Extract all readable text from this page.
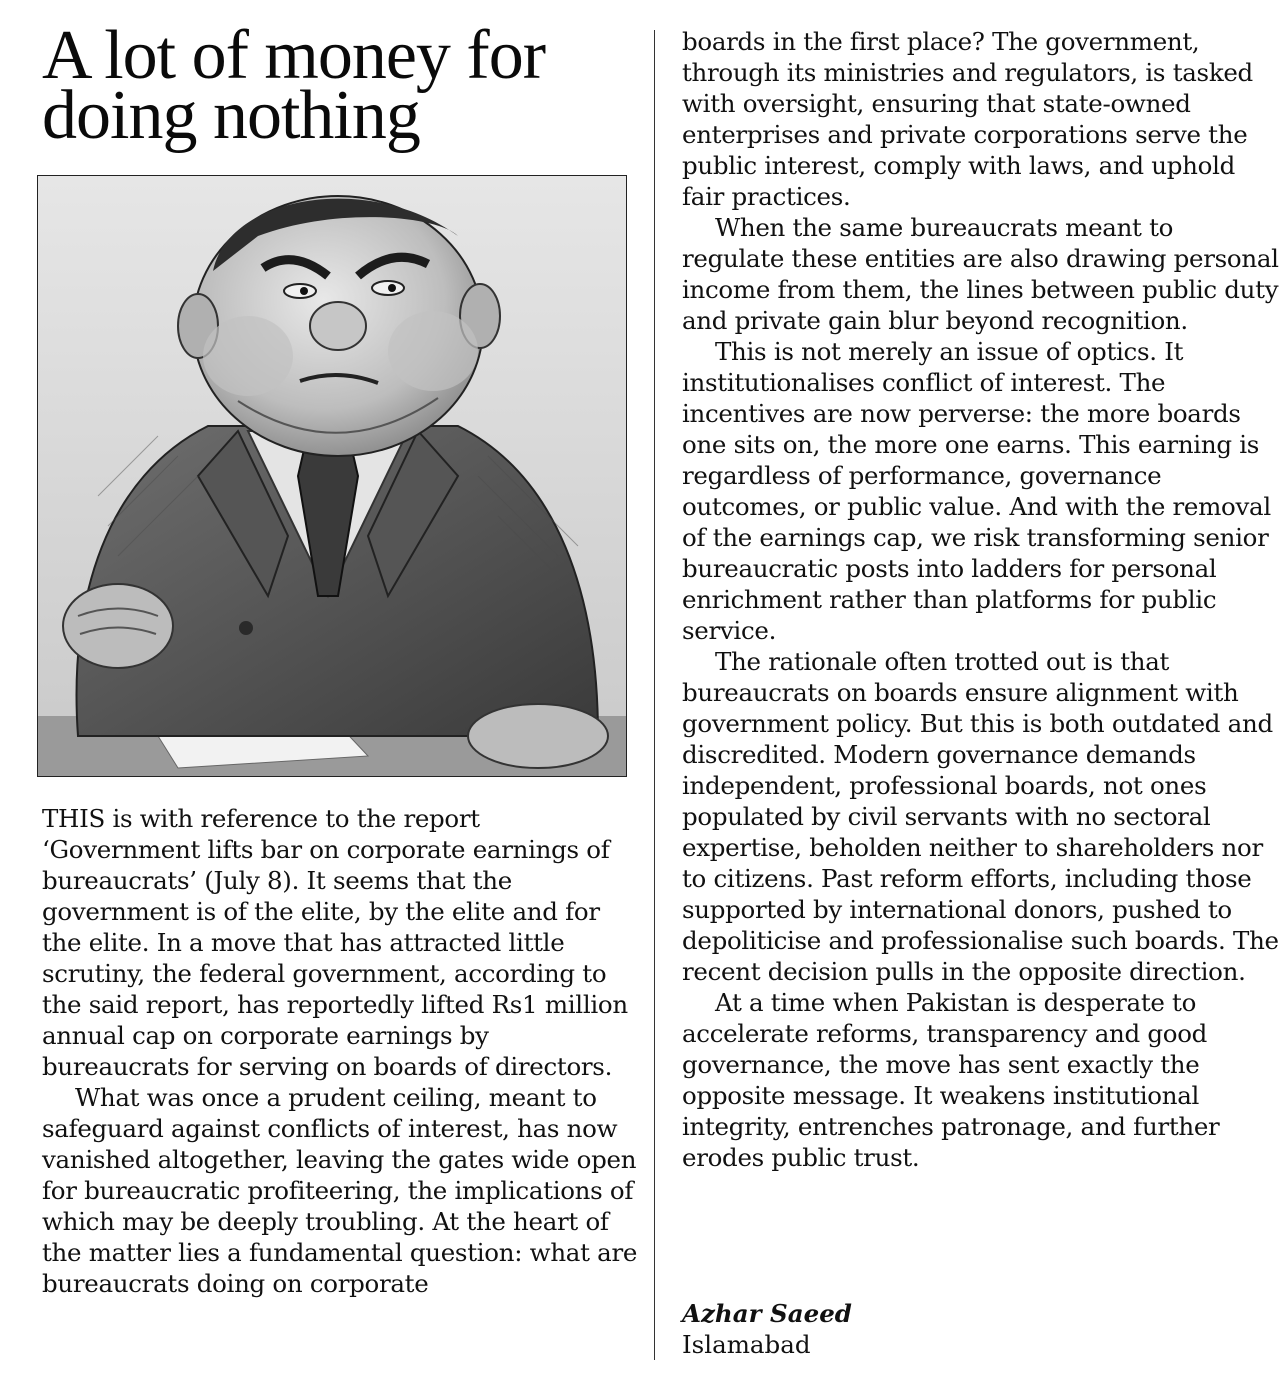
A lot of money for doing nothing

THIS is with reference to the report ‘Government lifts bar on corporate earnings of bureaucrats’ (July 8). It seems that the government is of the elite, by the elite and for the elite. In a move that has attracted little scrutiny, the federal government, according to the said report, has reportedly lifted Rs1 million annual cap on corporate earnings by bureaucrats for serving on boards of directors.

What was once a prudent ceiling, meant to safeguard against conflicts of interest, has now vanished altogether, leaving the gates wide open for bureaucratic profiteering, the implications of which may be deeply troubling. At the heart of the matter lies a fundamental question: what are bureaucrats doing on corporate

boards in the first place? The government, through its ministries and regulators, is tasked with oversight, ensuring that state-owned enterprises and private corporations serve the public interest, comply with laws, and uphold fair practices.

When the same bureaucrats meant to regulate these entities are also drawing personal income from them, the lines between public duty and private gain blur beyond recognition.

This is not merely an issue of optics. It institutionalises conflict of interest. The incentives are now perverse: the more boards one sits on, the more one earns. This earning is regardless of performance, governance outcomes, or public value. And with the removal of the earnings cap, we risk transforming senior bureaucratic posts into ladders for personal enrichment rather than platforms for public service.

The rationale often trotted out is that bureaucrats on boards ensure alignment with government policy. But this is both outdated and discredited. Modern governance demands independent, professional boards, not ones populated by civil servants with no sectoral expertise, beholden neither to shareholders nor to citizens. Past reform efforts, including those supported by international donors, pushed to depoliticise and professionalise such boards. The recent decision pulls in the opposite direction.

At a time when Pakistan is desperate to accelerate reforms, transparency and good governance, the move has sent exactly the opposite message. It weakens institutional integrity, entrenches patronage, and further erodes public trust.

Azhar Saeed
Islamabad
